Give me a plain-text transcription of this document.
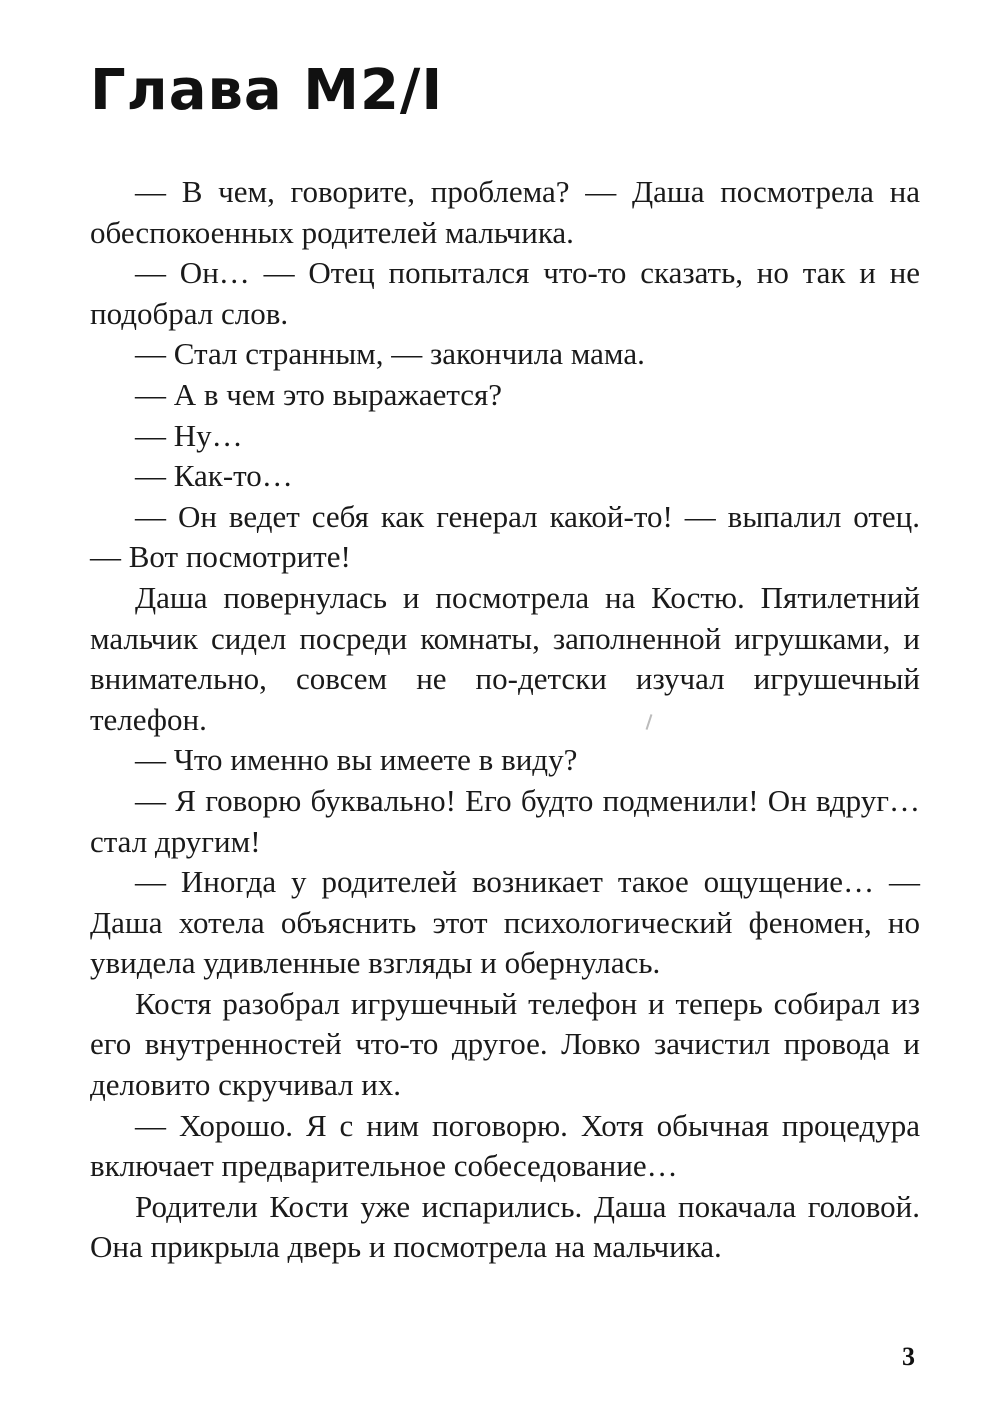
Глава M2/I

— В чем, говорите, проблема? — Даша посмотрела на обеспокоенных родителей мальчика.

— Он… — Отец попытался что-то сказать, но так и не подобрал слов.

— Стал странным, — закончила мама.

— А в чем это выражается?

— Ну…

— Как-то…

— Он ведет себя как генерал какой-то! — выпалил отец. — Вот посмотрите!

Даша повернулась и посмотрела на Костю. Пятилетний мальчик сидел посреди комнаты, заполненной игрушками, и внимательно, совсем не по-детски изучал игрушечный телефон.

— Что именно вы имеете в виду?

— Я говорю буквально! Его будто подменили! Он вдруг… стал другим!

— Иногда у родителей возникает такое ощущение… — Даша хотела объяснить этот психологический феномен, но увидела удивленные взгляды и обернулась.

Костя разобрал игрушечный телефон и теперь собирал из его внутренностей что-то другое. Ловко зачистил провода и деловито скручивал их.

— Хорошо. Я с ним поговорю. Хотя обычная процедура включает предварительное собеседование…

Родители Кости уже испарились. Даша покачала головой. Она прикрыла дверь и посмотрела на мальчика.

3
